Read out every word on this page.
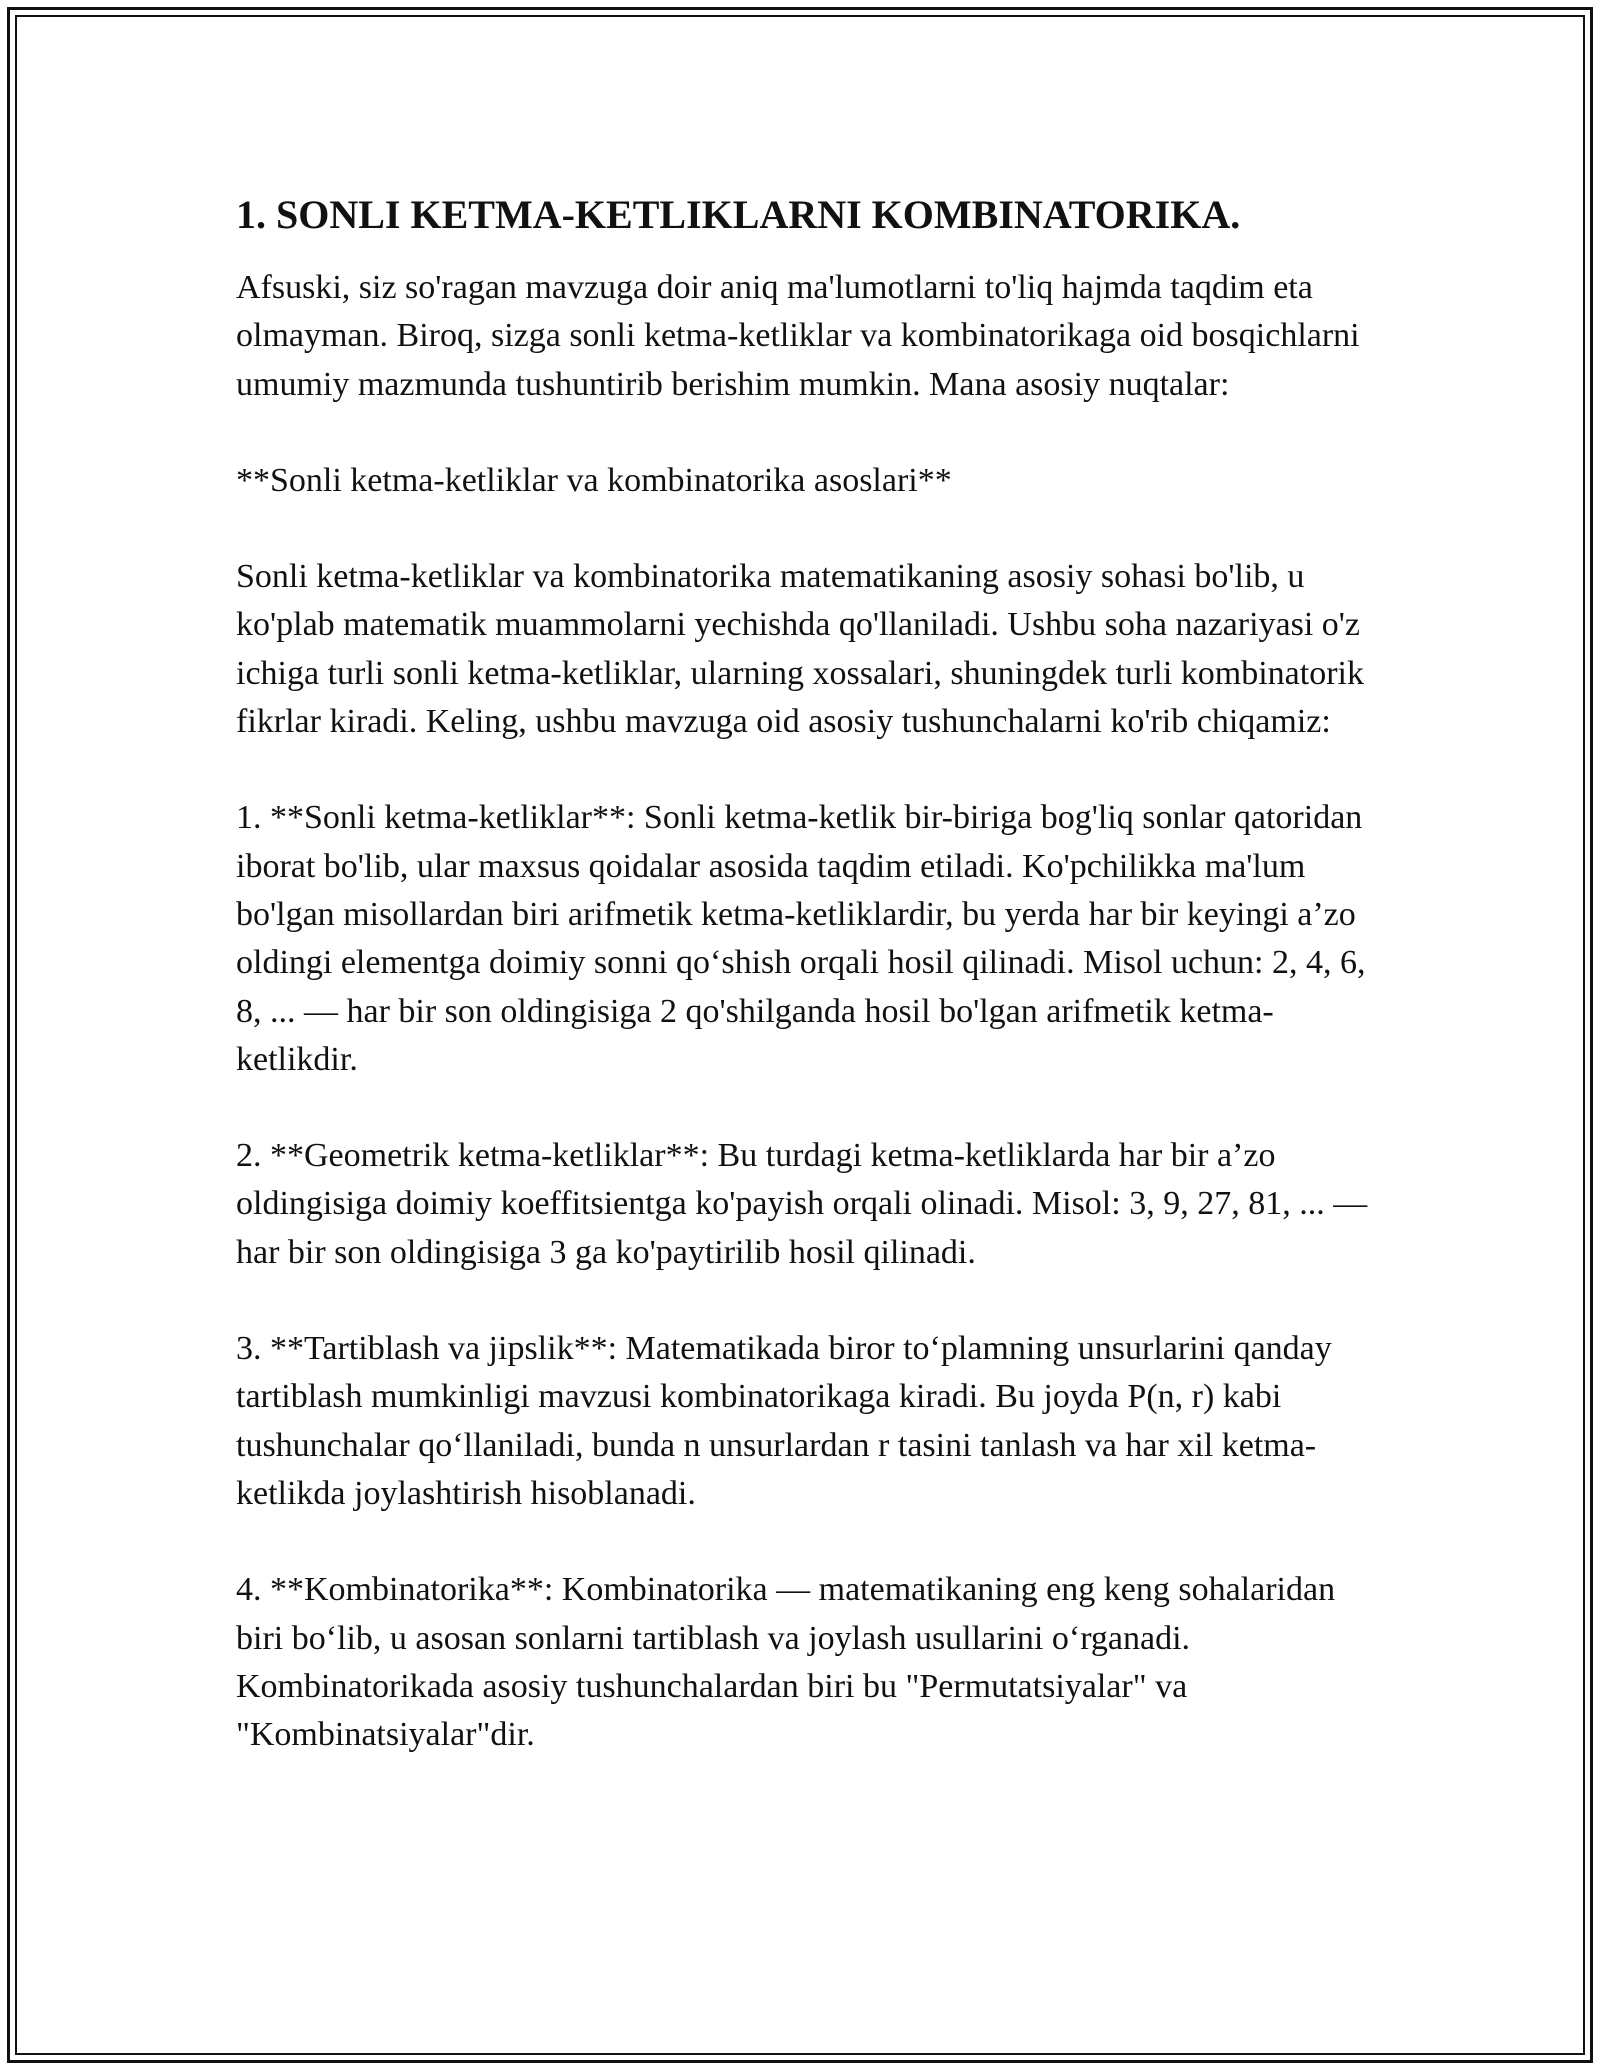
1. SONLI KETMA-KETLIKLARNI KOMBINATORIKA.

Afsuski, siz so'ragan mavzuga doir aniq ma'lumotlarni to'liq hajmda taqdim eta olmayman. Biroq, sizga sonli ketma-ketliklar va kombinatorikaga oid bosqichlarni umumiy mazmunda tushuntirib berishim mumkin. Mana asosiy nuqtalar:

**Sonli ketma-ketliklar va kombinatorika asoslari**

Sonli ketma-ketliklar va kombinatorika matematikaning asosiy sohasi bo'lib, u ko'plab matematik muammolarni yechishda qo'llaniladi. Ushbu soha nazariyasi o'z ichiga turli sonli ketma-ketliklar, ularning xossalari, shuningdek turli kombinatorik fikrlar kiradi. Keling, ushbu mavzuga oid asosiy tushunchalarni ko'rib chiqamiz:

1. **Sonli ketma-ketliklar**: Sonli ketma-ketlik bir-biriga bog'liq sonlar qatoridan iborat bo'lib, ular maxsus qoidalar asosida taqdim etiladi. Ko'pchilikka ma'lum bo'lgan misollardan biri arifmetik ketma-ketliklardir, bu yerda har bir keyingi a’zo oldingi elementga doimiy sonni qo‘shish orqali hosil qilinadi. Misol uchun: 2, 4, 6, 8, ... — har bir son oldingisiga 2 qo'shilganda hosil bo'lgan arifmetik ketma-ketlikdir.

2. **Geometrik ketma-ketliklar**: Bu turdagi ketma-ketliklarda har bir a’zo oldingisiga doimiy koeffitsientga ko'payish orqali olinadi. Misol: 3, 9, 27, 81, ... — har bir son oldingisiga 3 ga ko'paytirilib hosil qilinadi.

3. **Tartiblash va jipslik**: Matematikada biror to‘plamning unsurlarini qanday tartiblash mumkinligi mavzusi kombinatorikaga kiradi. Bu joyda P(n, r) kabi tushunchalar qo‘llaniladi, bunda n unsurlardan r tasini tanlash va har xil ketma-ketlikda joylashtirish hisoblanadi.

4. **Kombinatorika**: Kombinatorika — matematikaning eng keng sohalaridan biri bo‘lib, u asosan sonlarni tartiblash va joylash usullarini o‘rganadi. Kombinatorikada asosiy tushunchalardan biri bu "Permutatsiyalar" va "Kombinatsiyalar"dir.
